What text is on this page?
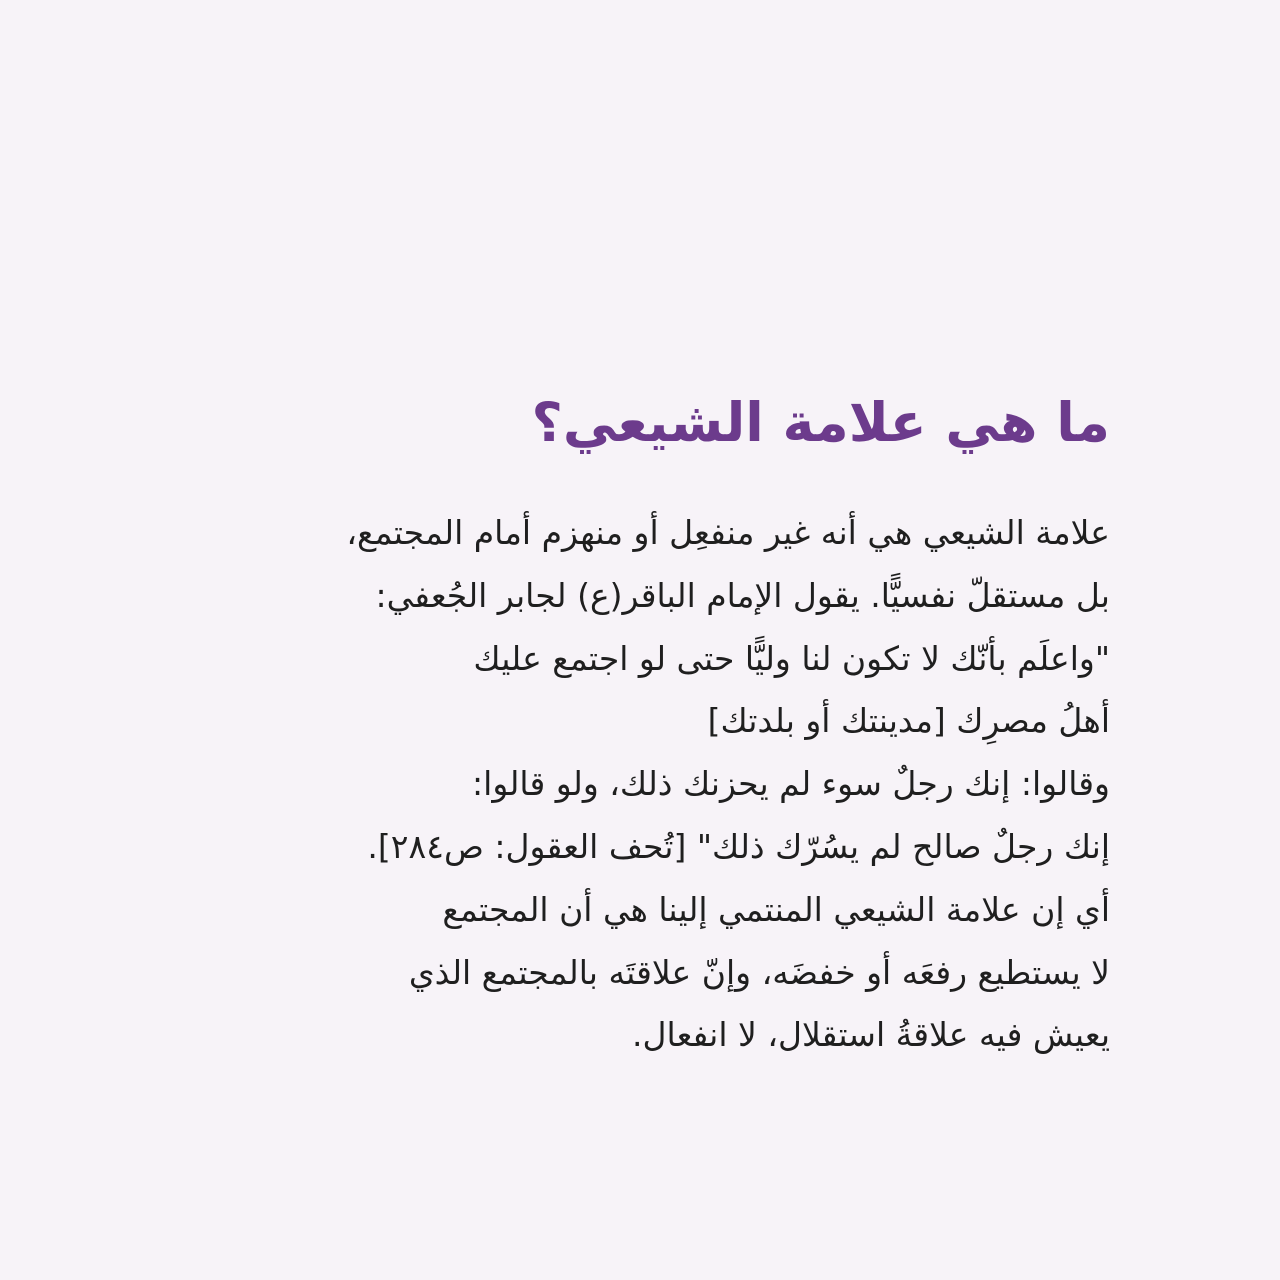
ما هي علامة الشيعي؟
علامة الشيعي هي أنه غير منفعِل أو منهزم أمام المجتمع،
بل مستقلّ نفسيًّا. يقول الإمام الباقر(ع) لجابر الجُعفي:
"واعلَم بأنّك لا تكون لنا وليًّا حتى لو اجتمع عليك
أهلُ مصرِك [مدينتك أو بلدتك]
وقالوا: إنك رجلٌ سوء لم يحزنك ذلك، ولو قالوا:
إنك رجلٌ صالح لم يسُرّك ذلك" [تُحف العقول: ص٢٨٤].
أي إن علامة الشيعي المنتمي إلينا هي أن المجتمع
لا يستطيع رفعَه أو خفضَه، وإنّ علاقتَه بالمجتمع الذي
يعيش فيه علاقةُ استقلال، لا انفعال.
